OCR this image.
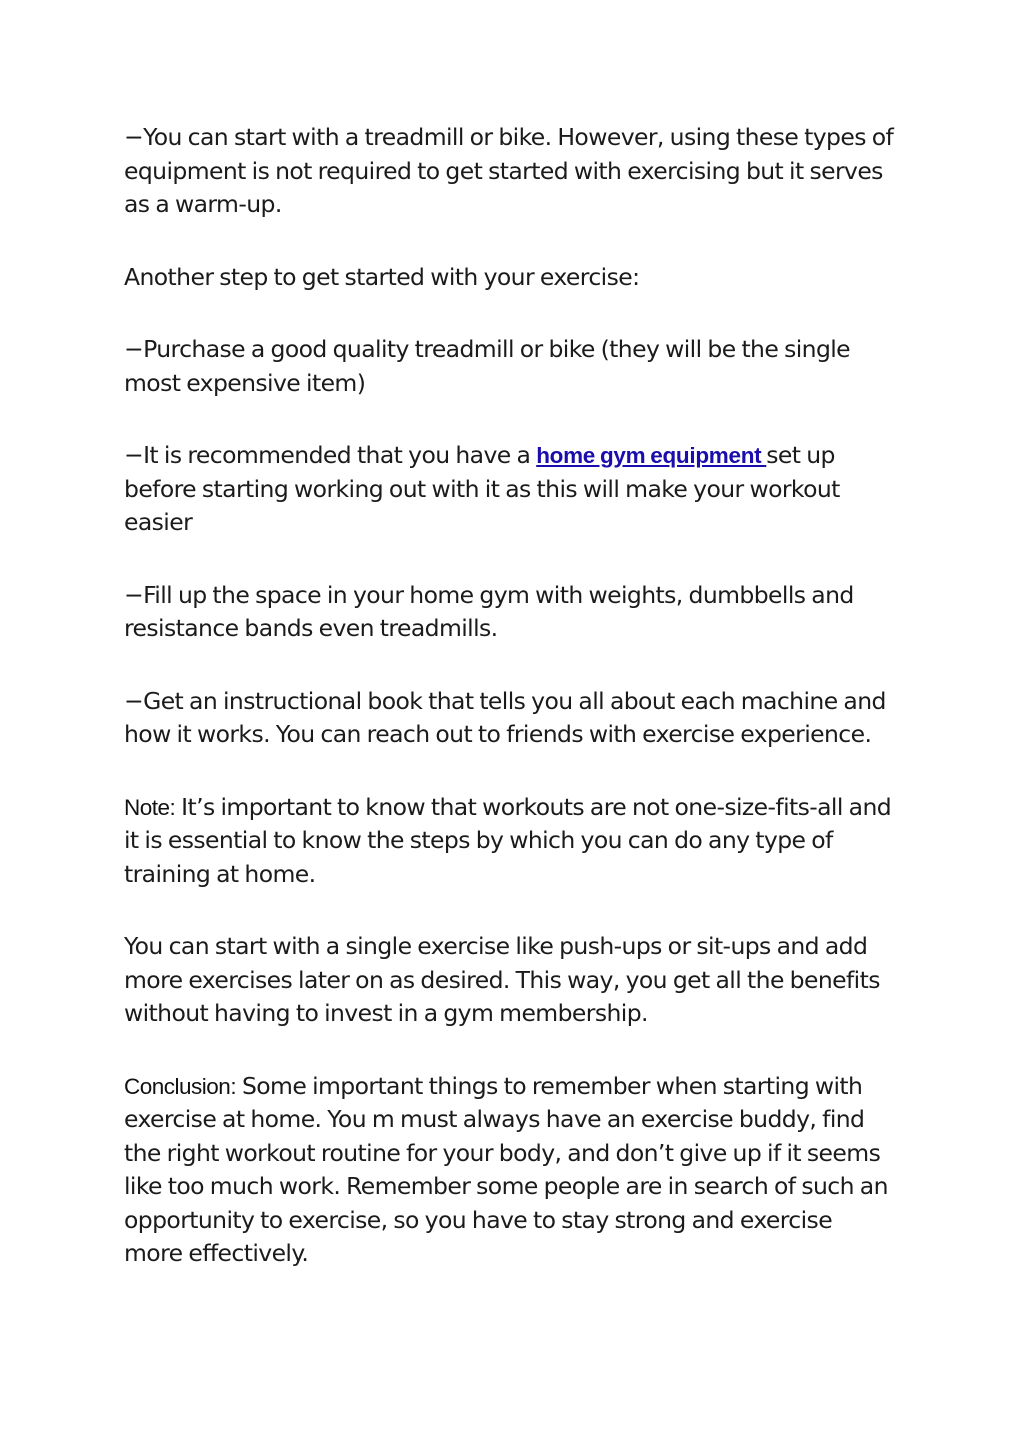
−You can start with a treadmill or bike. However, using these types of equipment is not required to get started with exercising but it serves as a warm-up.

Another step to get started with your exercise:

−Purchase a good quality treadmill or bike (they will be the single most expensive item)

−It is recommended that you have a home gym equipment set up before starting working out with it as this will make your workout easier

−Fill up the space in your home gym with weights, dumbbells and resistance bands even treadmills.

−Get an instructional book that tells you all about each machine and how it works. You can reach out to friends with exercise experience.

Note: It’s important to know that workouts are not one-size-fits-all and it is essential to know the steps by which you can do any type of training at home.

You can start with a single exercise like push-ups or sit-ups and add more exercises later on as desired. This way, you get all the benefits without having to invest in a gym membership.

Conclusion: Some important things to remember when starting with exercise at home. You m must always have an exercise buddy, find the right workout routine for your body, and don’t give up if it seems like too much work. Remember some people are in search of such an opportunity to exercise, so you have to stay strong and exercise more effectively.
